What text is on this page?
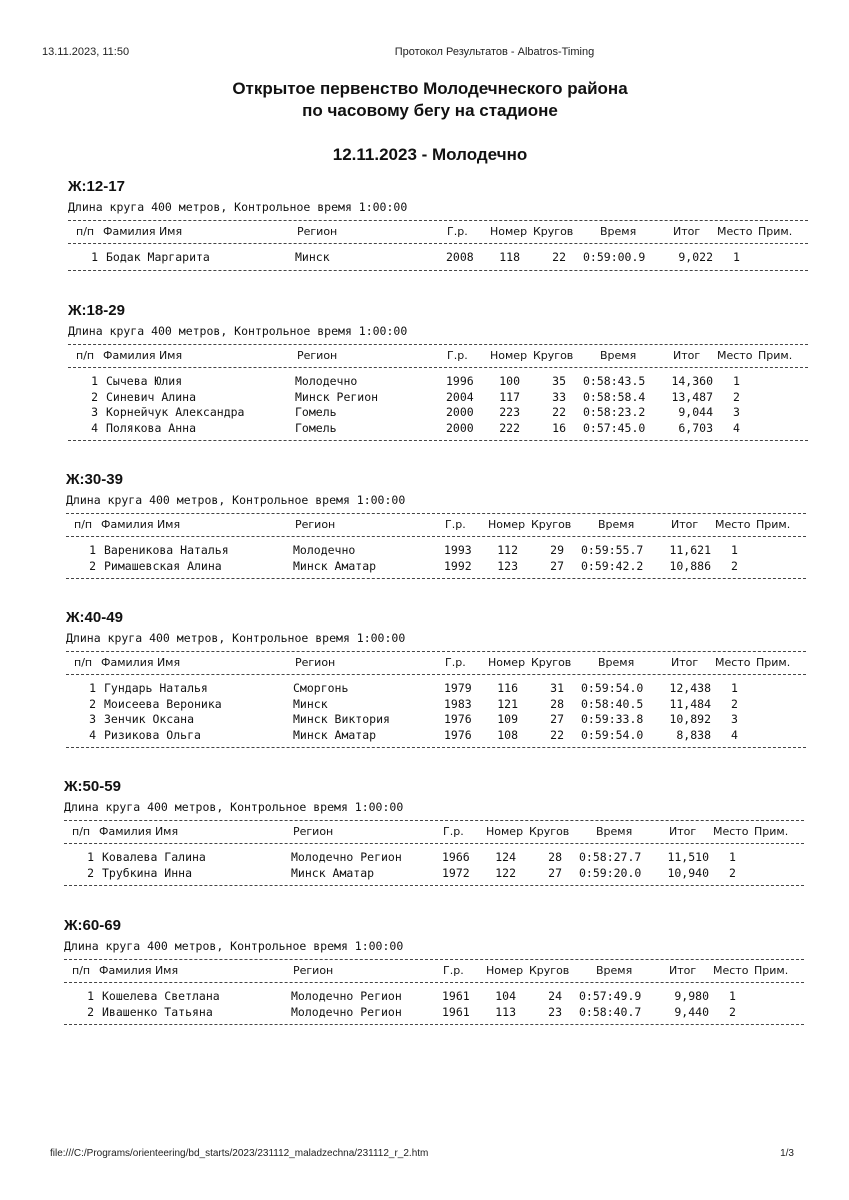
13.11.2023, 11:50	Протокол Результатов - Albatros-Timing
Открытое первенство Молодечнеского района
по часовому бегу на стадионе
12.11.2023 - Молодечно
Ж:12-17
Длина круга 400 метров, Контрольное время 1:00:00
п/п Фамилия Имя	Регион	Г.р. Номер Кругов Время	Итог Место Прим.
1 Бодак Маргарита	Минск	2008 118	22 0:59:00.9	9,022 1
Ж:18-29
Длина круга 400 метров, Контрольное время 1:00:00
п/п Фамилия Имя	Регион	Г.р. Номер Кругов Время	Итог Место Прим.
1 Сычева Юлия	Молодечно	1996 100	35 0:58:43.5	14,360 1
2 Синевич Алина	Минск Регион	2004 117	33 0:58:58.4	13,487 2
3 Корнейчук Александра	Гомель	2000 223	22 0:58:23.2	9,044 3
4 Полякова Анна	Гомель	2000 222	16 0:57:45.0	6,703 4
Ж:30-39
Длина круга 400 метров, Контрольное время 1:00:00
п/п Фамилия Имя	Регион	Г.р. Номер Кругов Время	Итог Место Прим.
1 Вареникова Наталья	Молодечно	1993 112	29 0:59:55.7	11,621 1
2 Римашевская Алина	Минск Аматар	1992 123	27 0:59:42.2	10,886 2
Ж:40-49
Длина круга 400 метров, Контрольное время 1:00:00
п/п Фамилия Имя	Регион	Г.р. Номер Кругов Время	Итог Место Прим.
1 Гундарь Наталья	Сморгонь	1979 116	31 0:59:54.0	12,438 1
2 Моисеева Вероника	Минск	1983 121	28 0:58:40.5	11,484 2
3 Зенчик Оксана	Минск Виктория	1976 109	27 0:59:33.8	10,892 3
4 Ризикова Ольга	Минск Аматар	1976 108	22 0:59:54.0	8,838 4
Ж:50-59
Длина круга 400 метров, Контрольное время 1:00:00
п/п Фамилия Имя	Регион	Г.р. Номер Кругов Время	Итог Место Прим.
1 Ковалева Галина	Молодечно Регион	1966 124	28 0:58:27.7	11,510 1
2 Трубкина Инна	Минск Аматар	1972 122	27 0:59:20.0	10,940 2
Ж:60-69
Длина круга 400 метров, Контрольное время 1:00:00
п/п Фамилия Имя	Регион	Г.р. Номер Кругов Время	Итог Место Прим.
1 Кошелева Светлана	Молодечно Регион	1961 104	24 0:57:49.9	9,980 1
2 Ивашенко Татьяна	Молодечно Регион	1961 113	23 0:58:40.7	9,440 2
file:///C:/Programs/orienteering/bd_starts/2023/231112_maladzechna/231112_r_2.htm	1/3
